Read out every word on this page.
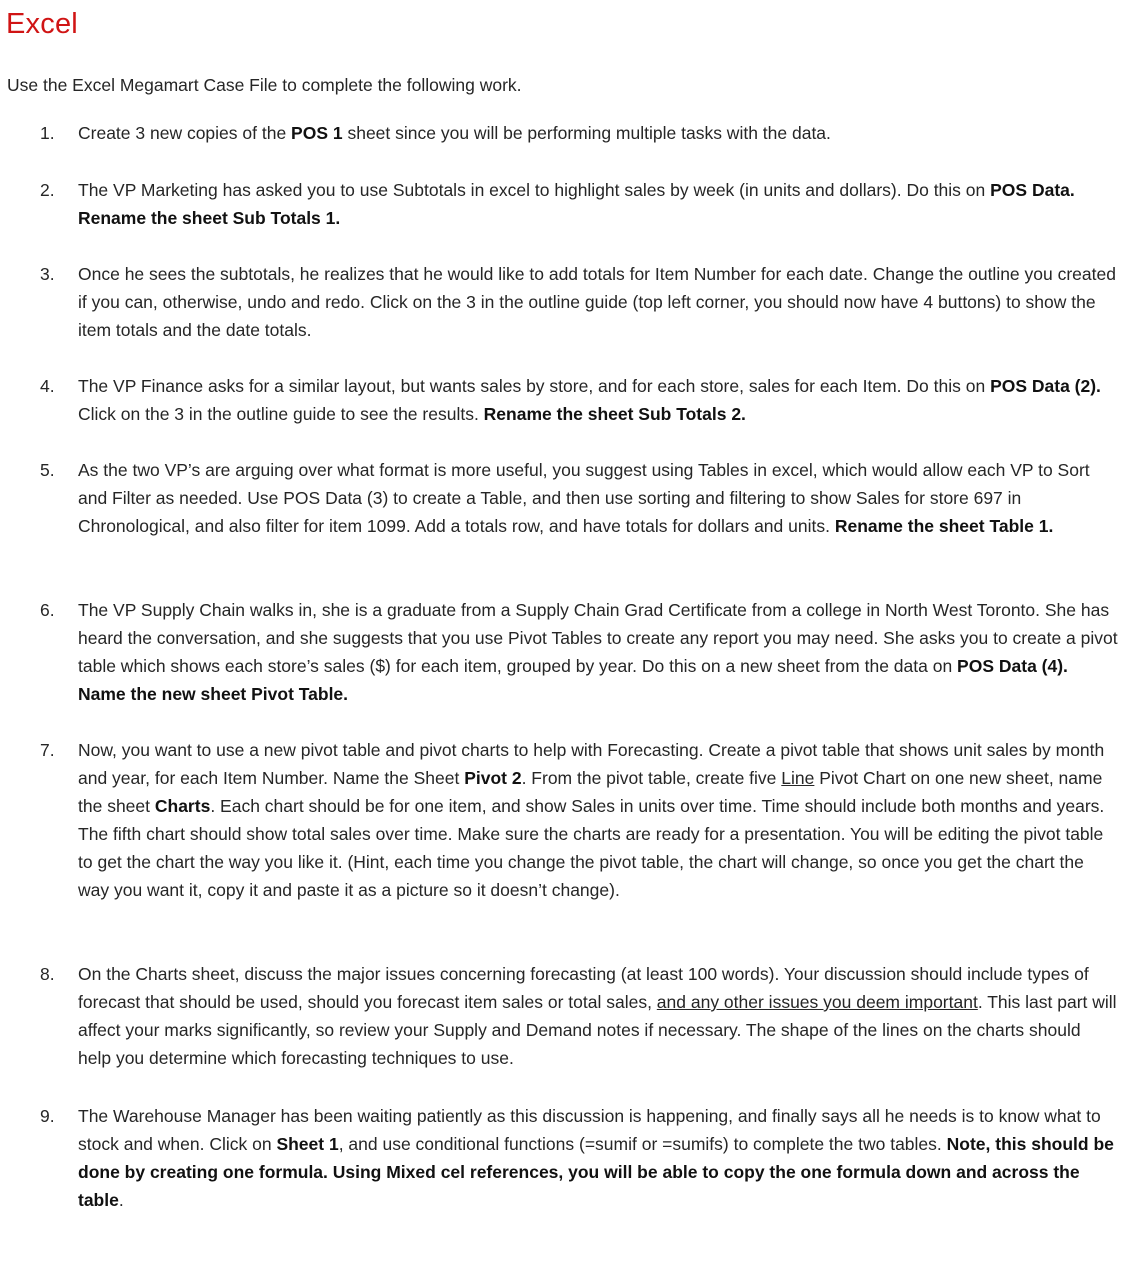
Excel
Use the Excel Megamart Case File to complete the following work.
1.	Create 3 new copies of the POS 1 sheet since you will be performing multiple tasks with the data.
2.	The VP Marketing has asked you to use Subtotals in excel to highlight sales by week (in units and dollars). Do this on POS Data. Rename the sheet Sub Totals 1.
3.	Once he sees the subtotals, he realizes that he would like to add totals for Item Number for each date. Change the outline you created if you can, otherwise, undo and redo. Click on the 3 in the outline guide (top left corner, you should now have 4 buttons) to show the item totals and the date totals.
4.	The VP Finance asks for a similar layout, but wants sales by store, and for each store, sales for each Item. Do this on POS Data (2). Click on the 3 in the outline guide to see the results. Rename the sheet Sub Totals 2.
5.	As the two VP’s are arguing over what format is more useful, you suggest using Tables in excel, which would allow each VP to Sort and Filter as needed. Use POS Data (3) to create a Table, and then use sorting and filtering to show Sales for store 697 in Chronological, and also filter for item 1099. Add a totals row, and have totals for dollars and units. Rename the sheet Table 1.
6.	The VP Supply Chain walks in, she is a graduate from a Supply Chain Grad Certificate from a college in North West Toronto. She has heard the conversation, and she suggests that you use Pivot Tables to create any report you may need. She asks you to create a pivot table which shows each store’s sales ($) for each item, grouped by year. Do this on a new sheet from the data on POS Data (4). Name the new sheet Pivot Table.
7.	Now, you want to use a new pivot table and pivot charts to help with Forecasting. Create a pivot table that shows unit sales by month and year, for each Item Number. Name the Sheet Pivot 2. From the pivot table, create five Line Pivot Chart on one new sheet, name the sheet Charts. Each chart should be for one item, and show Sales in units over time. Time should include both months and years. The fifth chart should show total sales over time. Make sure the charts are ready for a presentation. You will be editing the pivot table to get the chart the way you like it. (Hint, each time you change the pivot table, the chart will change, so once you get the chart the way you want it, copy it and paste it as a picture so it doesn’t change).
8.	On the Charts sheet, discuss the major issues concerning forecasting (at least 100 words). Your discussion should include types of forecast that should be used, should you forecast item sales or total sales, and any other issues you deem important. This last part will affect your marks significantly, so review your Supply and Demand notes if necessary. The shape of the lines on the charts should help you determine which forecasting techniques to use.
9.	The Warehouse Manager has been waiting patiently as this discussion is happening, and finally says all he needs is to know what to stock and when. Click on Sheet 1, and use conditional functions (=sumif or =sumifs) to complete the two tables. Note, this should be done by creating one formula. Using Mixed cel references, you will be able to copy the one formula down and across the table.
